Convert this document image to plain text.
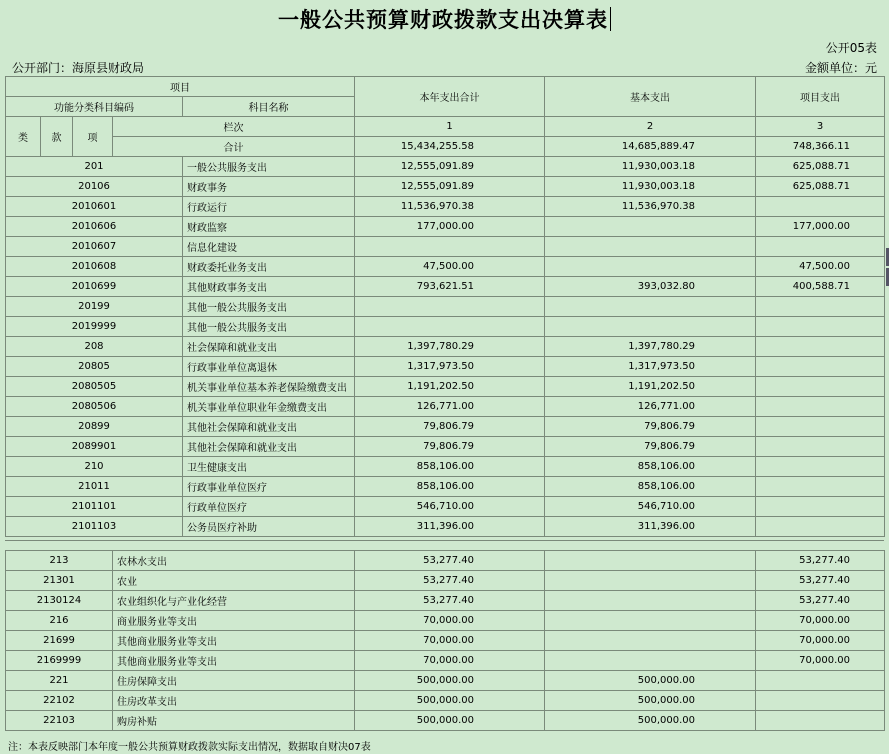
一般公共预算财政拨款支出决算表
公开05表
公开部门：海原县财政局	金额单位：元
项目					本年支出合计	基本支出	项目支出
功能分类科目编码				科目名称			
类	款	项	栏次		1	2	3
			合计		15,434,255.58	14,685,889.47	748,366.11
201				一般公共服务支出	12,555,091.89	11,930,003.18	625,088.71
20106				财政事务	12,555,091.89	11,930,003.18	625,088.71
2010601				行政运行	11,536,970.38	11,536,970.38	
2010606				财政监察	177,000.00		177,000.00
2010607				信息化建设			
2010608				财政委托业务支出	47,500.00		47,500.00
2010699				其他财政事务支出	793,621.51	393,032.80	400,588.71
20199				其他一般公共服务支出			
2019999				其他一般公共服务支出			
208				社会保障和就业支出	1,397,780.29	1,397,780.29	
20805				行政事业单位离退休	1,317,973.50	1,317,973.50	
2080505				机关事业单位基本养老保险缴费支出	1,191,202.50	1,191,202.50	
2080506				机关事业单位职业年金缴费支出	126,771.00	126,771.00	
20899				其他社会保障和就业支出	79,806.79	79,806.79	
2089901				其他社会保障和就业支出	79,806.79	79,806.79	
210				卫生健康支出	858,106.00	858,106.00	
21011				行政事业单位医疗	858,106.00	858,106.00	
2101101				行政单位医疗	546,710.00	546,710.00	
2101103				公务员医疗补助	311,396.00	311,396.00	
213	农林水支出	53,277.40		53,277.40
21301	农业	53,277.40		53,277.40
2130124	农业组织化与产业化经营	53,277.40		53,277.40
216	商业服务业等支出	70,000.00		70,000.00
21699	其他商业服务业等支出	70,000.00		70,000.00
2169999	其他商业服务业等支出	70,000.00		70,000.00
221	住房保障支出	500,000.00	500,000.00	
22102	住房改革支出	500,000.00	500,000.00	
22103	购房补贴	500,000.00	500,000.00	
注：本表反映部门本年度一般公共预算财政拨款实际支出情况，数据取自财决07表
